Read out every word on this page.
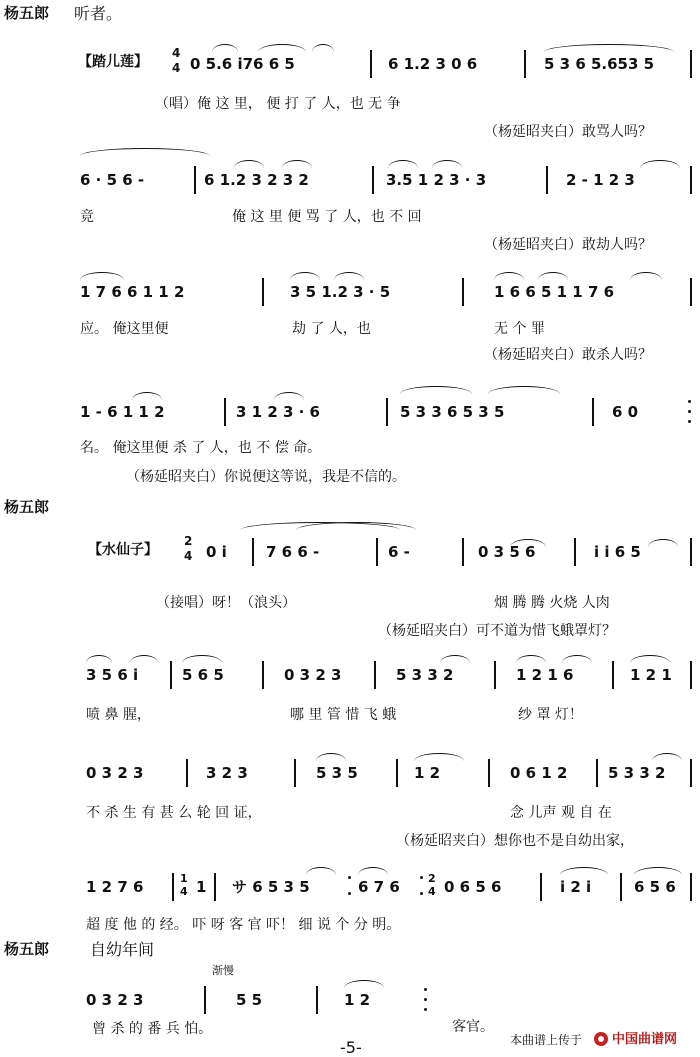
杨五郎 听者。
【踏儿莲】
4
4 0 5.6 i76 6 5	6 1.2 3 0 6	5 3 6 5.653 5
（唱）俺 这 里， 便 打 了 人，也 无 争
（杨延昭夹白）敢骂人吗？
6 · 5 6 -	6 1.2 3 2 3 2	3.5 1 2 3 · 3	2 - 1 2 3
竞	俺 这 里 便 骂 了 人，也 不 回
（杨延昭夹白）敢劫人吗？
1 7 6 6 1 1 2	3 5 1.2 3 · 5	1 6 6 5 1 1 7 6
应。 俺这里便	劫 了 人，也	无 个 罪
（杨延昭夹白）敢杀人吗？
1 - 6 1 1 2	3 1 2 3 · 6	5 3 3 6 5 3 5	6 0
名。 俺这里便 杀 了 人，也 不 偿 命。
（杨延昭夹白）你说便这等说，我是不信的。
杨五郎
【水仙子】
2
4 0 i	7 6 6 -	6 -	0 3 5 6	i i 6 5
（接唱）呀！（浪头）	烟 腾 腾 火烧 人肉
（杨延昭夹白）可不道为惜飞蛾罩灯？
3 5 6 i	5 6 5	0 3 2 3	5 3 3 2	1 2 1 6	1 2 1
喷 鼻 腥，	哪 里 管 惜 飞 蛾	纱 罩 灯！
0 3 2 3	3 2 3	5 3 5	1 2	0 6 1 2	5 3 3 2
不 杀 生 有 甚 么 轮 回 证，	念 儿声 观 自 在
（杨延昭夹白）想你也不是自幼出家，
1 2 7 6	1
4 1 サ 6 5 3 5	6 7 6	2
4 0 6 5 6	i 2 i	6 5 6
超 度 他 的 经。 吓 呀 客 官 吓！ 细 说 个 分 明。
杨五郎	自幼年间
渐慢
0 3 2 3	5 5	1 2
曾 杀 的 番 兵 怕。	客官。
-5-	本曲谱上传于 中国曲谱网
